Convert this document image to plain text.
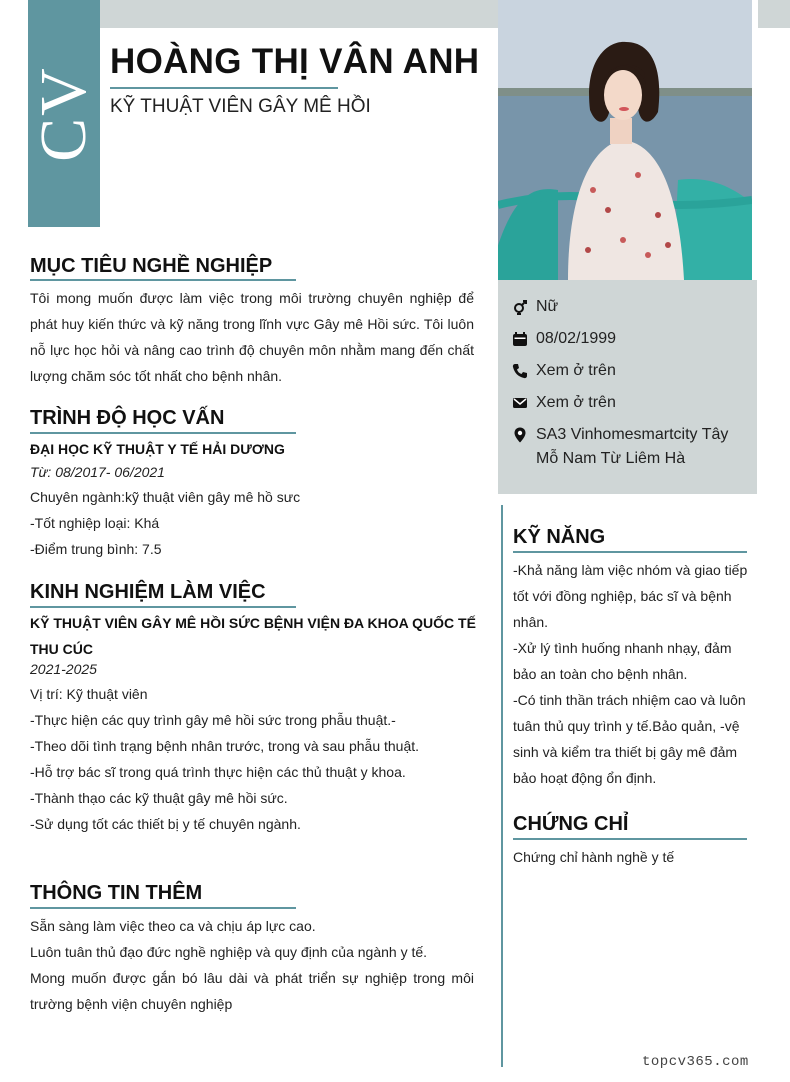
CV
HOÀNG THỊ VÂN ANH
KỸ THUẬT VIÊN GÂY MÊ HỒI
Nữ
08/02/1999
Xem ở trên
Xem ở trên
SA3 Vinhomesmartcity Tây Mỗ Nam Từ Liêm Hà
MỤC TIÊU NGHỀ NGHIỆP
Tôi mong muốn được làm việc trong môi trường chuyên nghiệp để phát huy kiến thức và kỹ năng trong lĩnh vực Gây mê Hồi sức. Tôi luôn nỗ lực học hỏi và nâng cao trình độ chuyên môn nhằm mang đến chất lượng chăm sóc tốt nhất cho bệnh nhân.
TRÌNH ĐỘ HỌC VẤN
ĐẠI HỌC KỸ THUẬT Y TẾ HẢI DƯƠNG
Từ: 08/2017- 06/2021
Chuyên ngành:kỹ thuật viên gây mê hồ sưc
-Tốt nghiệp loại: Khá
-Điểm trung bình: 7.5
KINH NGHIỆM LÀM VIỆC
KỸ THUẬT VIÊN GÂY MÊ HỒI SỨC BỆNH VIỆN ĐA KHOA QUỐC TẾ THU CÚC
2021-2025
Vị trí: Kỹ thuật viên
-Thực hiện các quy trình gây mê hồi sức trong phẫu thuật.-
-Theo dõi tình trạng bệnh nhân trước, trong và sau phẫu thuật.
-Hỗ trợ bác sĩ trong quá trình thực hiện các thủ thuật y khoa.
-Thành thạo các kỹ thuật gây mê hồi sức.
-Sử dụng tốt các thiết bị y tế chuyên ngành.
THÔNG TIN THÊM
Sẵn sàng làm việc theo ca và chịu áp lực cao.
Luôn tuân thủ đạo đức nghề nghiệp và quy định của ngành y tế.
Mong muốn được gắn bó lâu dài và phát triển sự nghiệp trong môi trường bệnh viện chuyên nghiệp
KỸ NĂNG
-Khả năng làm việc nhóm và giao tiếp tốt với đồng nghiệp, bác sĩ và bệnh nhân.
-Xử lý tình huống nhanh nhạy, đảm bảo an toàn cho bệnh nhân.
-Có tinh thần trách nhiệm cao và luôn tuân thủ quy trình y tế.Bảo quản, -vệ sinh và kiểm tra thiết bị gây mê đảm bảo hoạt động ổn định.
CHỨNG CHỈ
Chứng chỉ hành nghề y tế
topcv365.com
